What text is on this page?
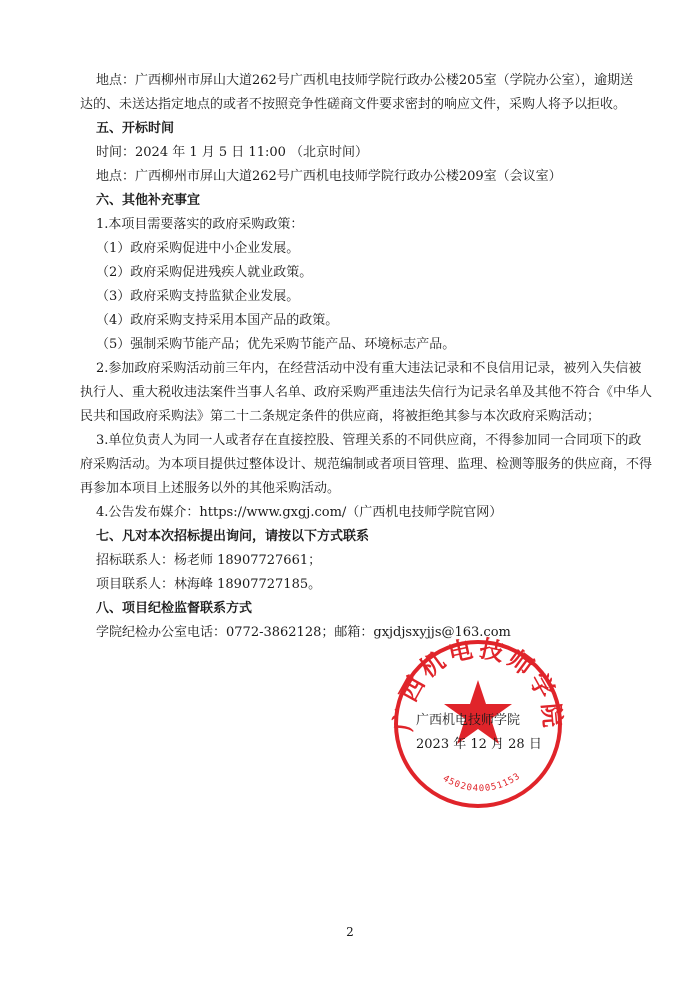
地点：广西柳州市屏山大道262号广西机电技师学院行政办公楼205室（学院办公室），逾期送
达的、未送达指定地点的或者不按照竞争性磋商文件要求密封的响应文件，采购人将予以拒收。
五、开标时间
时间：2024 年 1 月 5 日 11:00 （北京时间）
地点：广西柳州市屏山大道262号广西机电技师学院行政办公楼209室（会议室）
六、其他补充事宜
1.本项目需要落实的政府采购政策：
（1）政府采购促进中小企业发展。
（2）政府采购促进残疾人就业政策。
（3）政府采购支持监狱企业发展。
（4）政府采购支持采用本国产品的政策。
（5）强制采购节能产品；优先采购节能产品、环境标志产品。
2.参加政府采购活动前三年内，在经营活动中没有重大违法记录和不良信用记录，被列入失信被
执行人、重大税收违法案件当事人名单、政府采购严重违法失信行为记录名单及其他不符合《中华人
民共和国政府采购法》第二十二条规定条件的供应商，将被拒绝其参与本次政府采购活动；
3.单位负责人为同一人或者存在直接控股、管理关系的不同供应商，不得参加同一合同项下的政
府采购活动。为本项目提供过整体设计、规范编制或者项目管理、监理、检测等服务的供应商，不得
再参加本项目上述服务以外的其他采购活动。
4.公告发布媒介：https://www.gxgj.com/（广西机电技师学院官网）
七、凡对本次招标提出询问，请按以下方式联系
招标联系人：杨老师 18907727661；
项目联系人：林海峰 18907727185。
八、项目纪检监督联系方式
学院纪检办公室电话：0772-3862128；邮箱：gxjdjsxyjjs@163.com
广西机电技师学院
4502040051153
广西机电技师学院
2023 年 12 月 28 日
2
